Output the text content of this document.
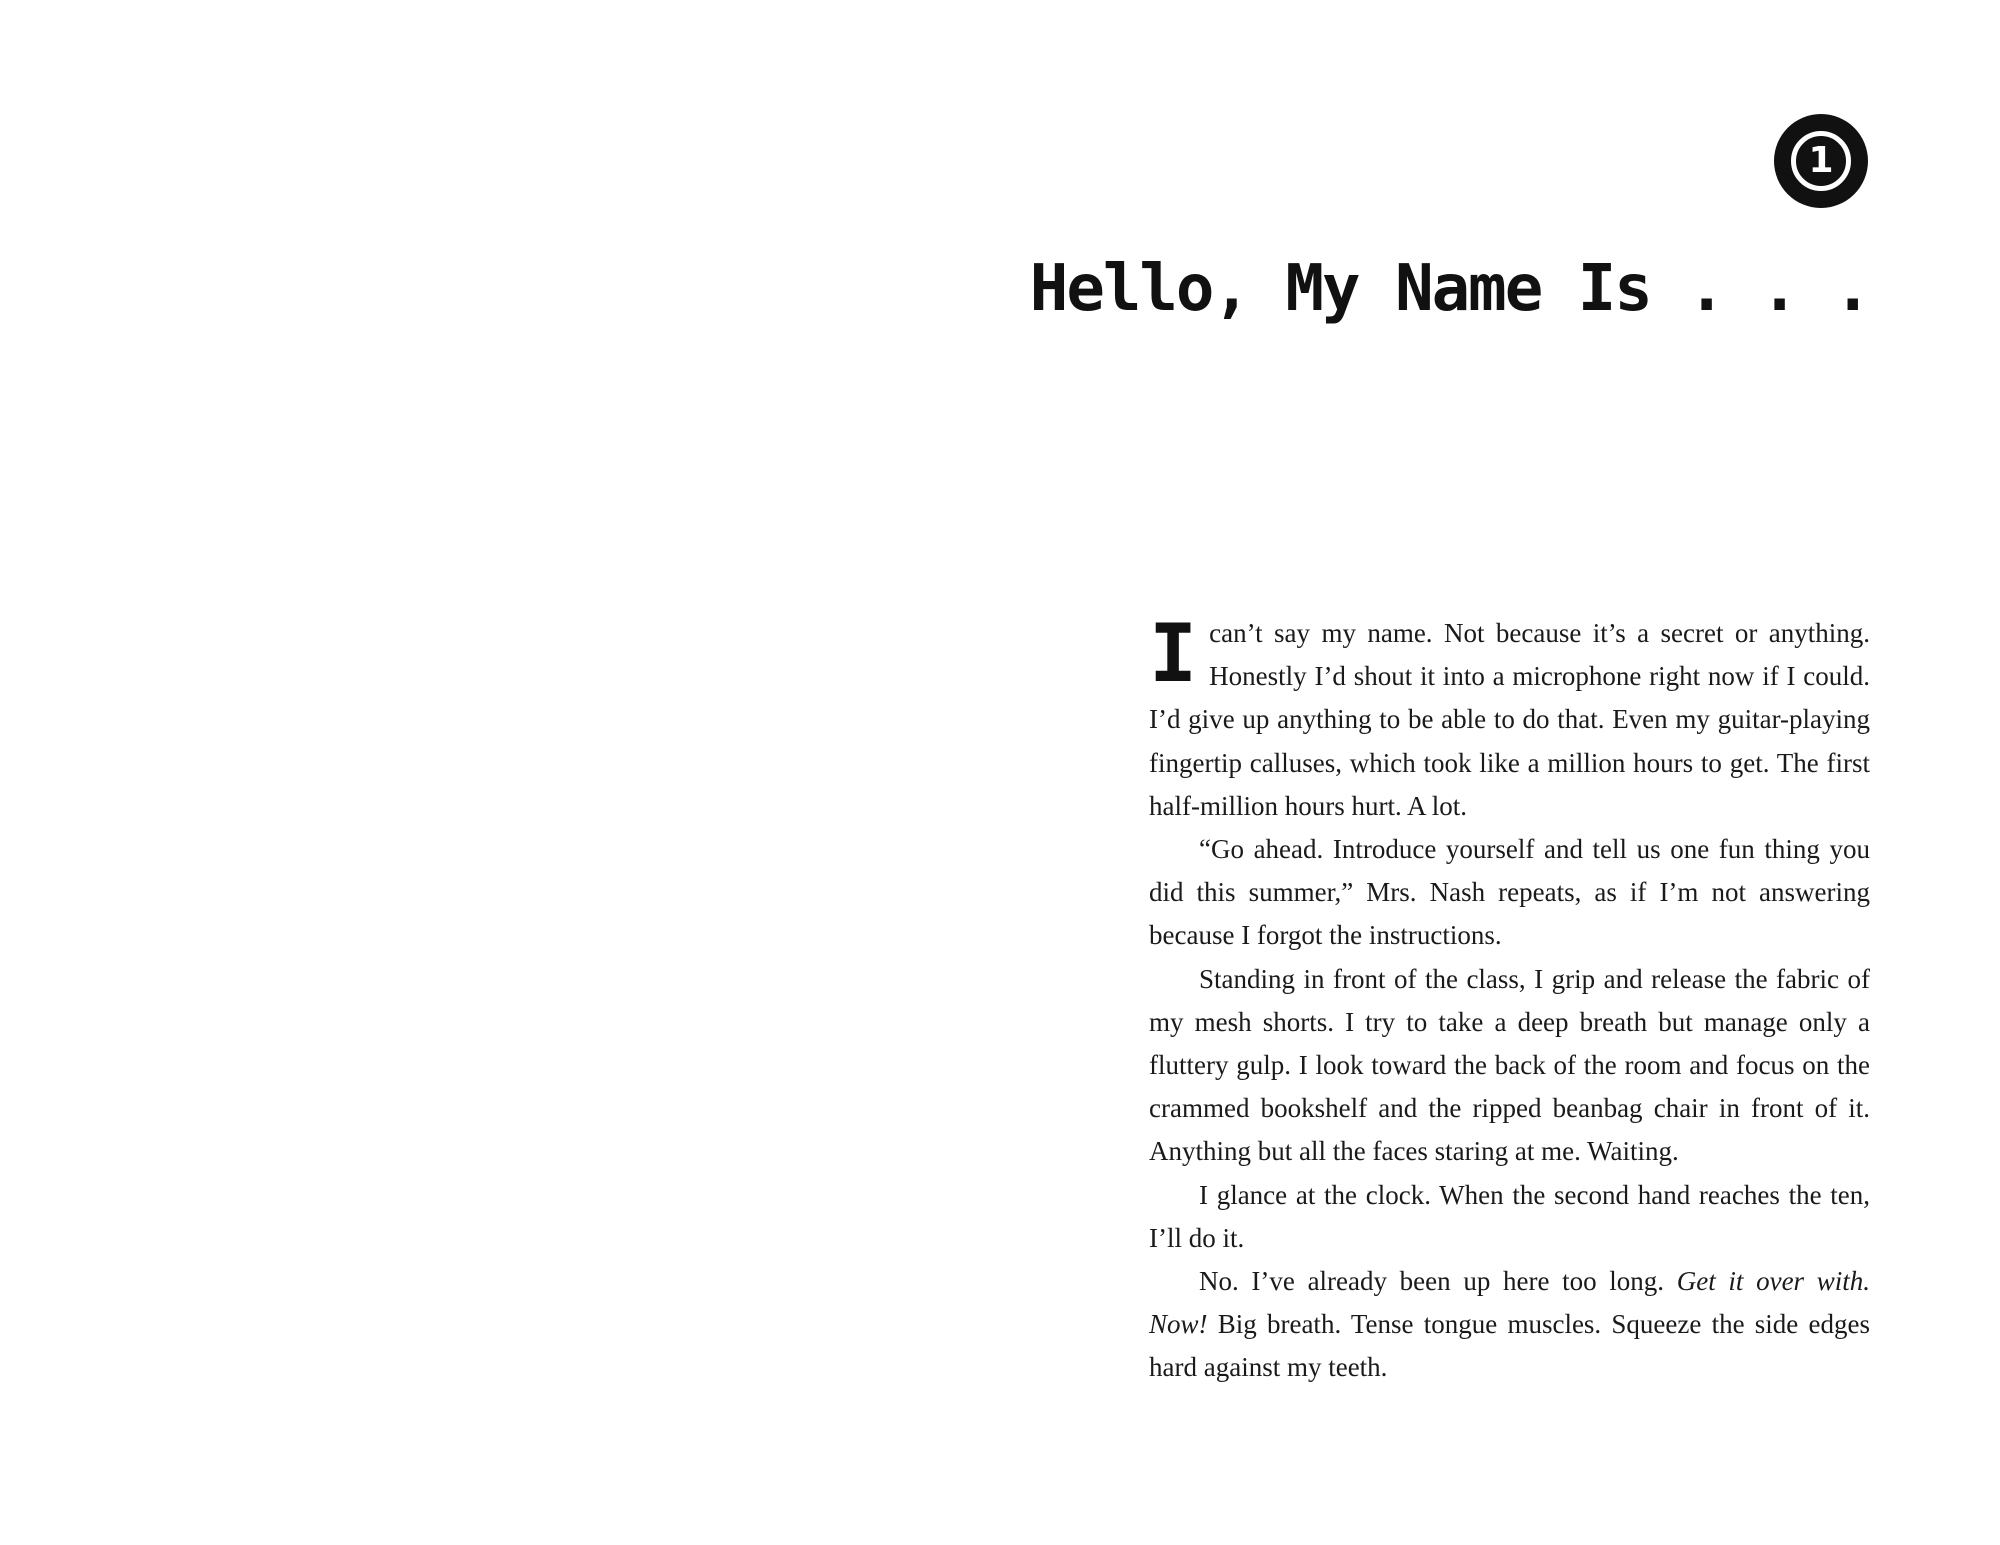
1
Hello, My Name Is . . .

Ican’t say my name. Not because it’s a secret or anything. Honestly I’d shout it into a microphone right now if I could. I’d give up anything to be able to do that. Even my guitar-playing fingertip calluses, which took like a million hours to get. The first half-million hours hurt. A lot.

“Go ahead. Introduce yourself and tell us one fun thing you did this summer,” Mrs. Nash repeats, as if I’m not answering because I forgot the instructions.

Standing in front of the class, I grip and release the fabric of my mesh shorts. I try to take a deep breath but manage only a fluttery gulp. I look toward the back of the room and focus on the crammed bookshelf and the ripped beanbag chair in front of it. Anything but all the faces staring at me. Waiting.

I glance at the clock. When the second hand reaches the ten, I’ll do it.

No. I’ve already been up here too long. Get it over with. Now! Big breath. Tense tongue muscles. Squeeze the side edges hard against my teeth.
